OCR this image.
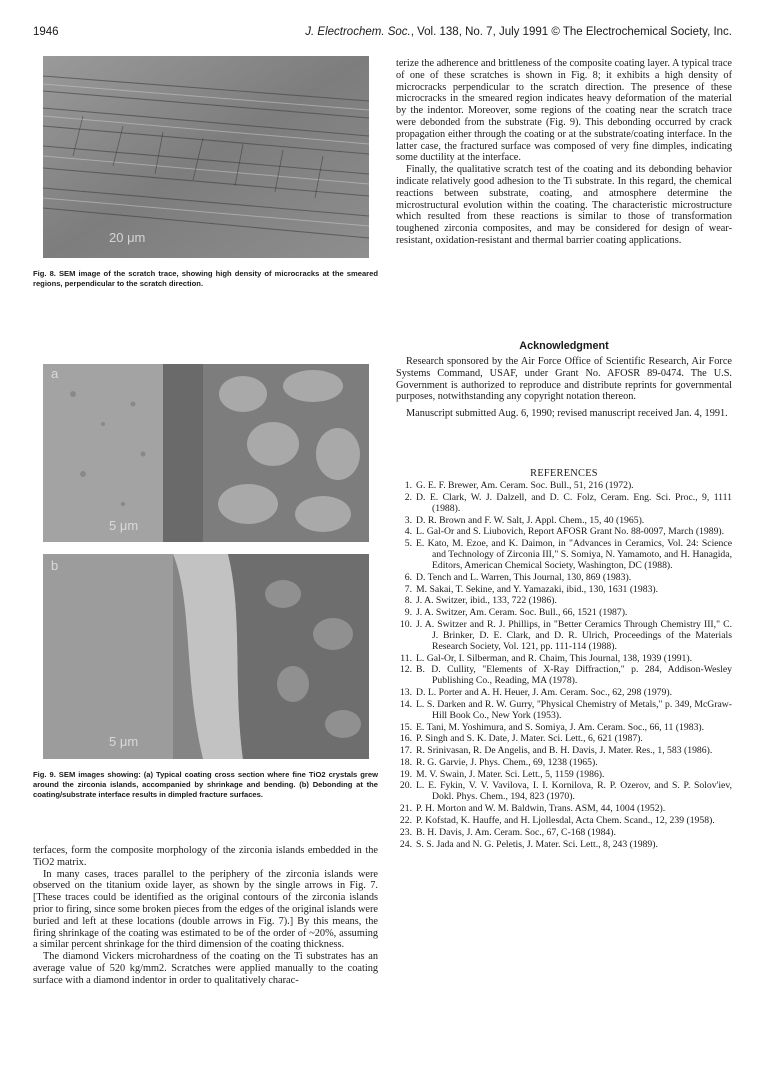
1946	J. Electrochem. Soc., Vol. 138, No. 7, July 1991 © The Electrochemical Society, Inc.
20 μm
Fig. 8. SEM image of the scratch trace, showing high density of microcracks at the smeared regions, perpendicular to the scratch direction.
a
5 μm
b
5 μm
Fig. 9. SEM images showing: (a) Typical coating cross section where fine TiO2 crystals grew around the zirconia islands, accompanied by shrinkage and bending. (b) Debonding at the coating/substrate interface results in dimpled fracture surfaces.

terfaces, form the composite morphology of the zirconia islands embedded in the TiO2 matrix.

In many cases, traces parallel to the periphery of the zirconia islands were observed on the titanium oxide layer, as shown by the single arrows in Fig. 7. [These traces could be identified as the original contours of the zirconia islands prior to firing, since some broken pieces from the edges of the original islands were buried and left at these locations (double arrows in Fig. 7).] By this means, the firing shrinkage of the coating was estimated to be of the order of ~20%, assuming a similar percent shrinkage for the third dimension of the coating thickness.

The diamond Vickers microhardness of the coating on the Ti substrates has an average value of 520 kg/mm2. Scratches were applied manually to the coating surface with a diamond indentor in order to qualitatively charac-

terize the adherence and brittleness of the composite coating layer. A typical trace of one of these scratches is shown in Fig. 8; it exhibits a high density of microcracks perpendicular to the scratch direction. The presence of these microcracks in the smeared region indicates heavy deformation of the material by the indentor. Moreover, some regions of the coating near the scratch trace were debonded from the substrate (Fig. 9). This debonding occurred by crack propagation either through the coating or at the substrate/coating interface. In the latter case, the fractured surface was composed of very fine dimples, indicating some ductility at the interface.

Finally, the qualitative scratch test of the coating and its debonding behavior indicate relatively good adhesion to the Ti substrate. In this regard, the chemical reactions between substrate, coating, and atmosphere determine the microstructural evolution within the coating. The characteristic microstructure which resulted from these reactions is similar to those of transformation toughened zirconia composites, and may be considered for design of wear-resistant, oxidation-resistant and thermal barrier coating applications.

Acknowledgment

Research sponsored by the Air Force Office of Scientific Research, Air Force Systems Command, USAF, under Grant No. AFOSR 89-0474. The U.S. Government is authorized to reproduce and distribute reprints for governmental purposes, notwithstanding any copyright notation thereon.

Manuscript submitted Aug. 6, 1990; revised manuscript received Jan. 4, 1991.

REFERENCES
1. G. E. F. Brewer, Am. Ceram. Soc. Bull., 51, 216 (1972).
2. D. E. Clark, W. J. Dalzell, and D. C. Folz, Ceram. Eng. Sci. Proc., 9, 1111 (1988).
3. D. R. Brown and F. W. Salt, J. Appl. Chem., 15, 40 (1965).
4. L. Gal-Or and S. Liubovich, Report AFOSR Grant No. 88-0097, March (1989).
5. E. Kato, M. Ezoe, and K. Daimon, in "Advances in Ceramics, Vol. 24: Science and Technology of Zirconia III," S. Somiya, N. Yamamoto, and H. Hanagida, Editors, American Chemical Society, Washington, DC (1988).
6. D. Tench and L. Warren, This Journal, 130, 869 (1983).
7. M. Sakai, T. Sekine, and Y. Yamazaki, ibid., 130, 1631 (1983).
8. J. A. Switzer, ibid., 133, 722 (1986).
9. J. A. Switzer, Am. Ceram. Soc. Bull., 66, 1521 (1987).
10. J. A. Switzer and R. J. Phillips, in "Better Ceramics Through Chemistry III," C. J. Brinker, D. E. Clark, and D. R. Ulrich, Proceedings of the Materials Research Society, Vol. 121, pp. 111-114 (1988).
11. L. Gal-Or, I. Silberman, and R. Chaim, This Journal, 138, 1939 (1991).
12. B. D. Cullity, "Elements of X-Ray Diffraction," p. 284, Addison-Wesley Publishing Co., Reading, MA (1978).
13. D. L. Porter and A. H. Heuer, J. Am. Ceram. Soc., 62, 298 (1979).
14. L. S. Darken and R. W. Gurry, "Physical Chemistry of Metals," p. 349, McGraw-Hill Book Co., New York (1953).
15. E. Tani, M. Yoshimura, and S. Somiya, J. Am. Ceram. Soc., 66, 11 (1983).
16. P. Singh and S. K. Date, J. Mater. Sci. Lett., 6, 621 (1987).
17. R. Srinivasan, R. De Angelis, and B. H. Davis, J. Mater. Res., 1, 583 (1986).
18. R. G. Garvie, J. Phys. Chem., 69, 1238 (1965).
19. M. V. Swain, J. Mater. Sci. Lett., 5, 1159 (1986).
20. L. E. Fykin, V. V. Vavilova, I. I. Kornilova, R. P. Ozerov, and S. P. Solov'iev, Dokl. Phys. Chem., 194, 823 (1970).
21. P. H. Morton and W. M. Baldwin, Trans. ASM, 44, 1004 (1952).
22. P. Kofstad, K. Hauffe, and H. Ljollesdal, Acta Chem. Scand., 12, 239 (1958).
23. B. H. Davis, J. Am. Ceram. Soc., 67, C-168 (1984).
24. S. S. Jada and N. G. Peletis, J. Mater. Sci. Lett., 8, 243 (1989).
